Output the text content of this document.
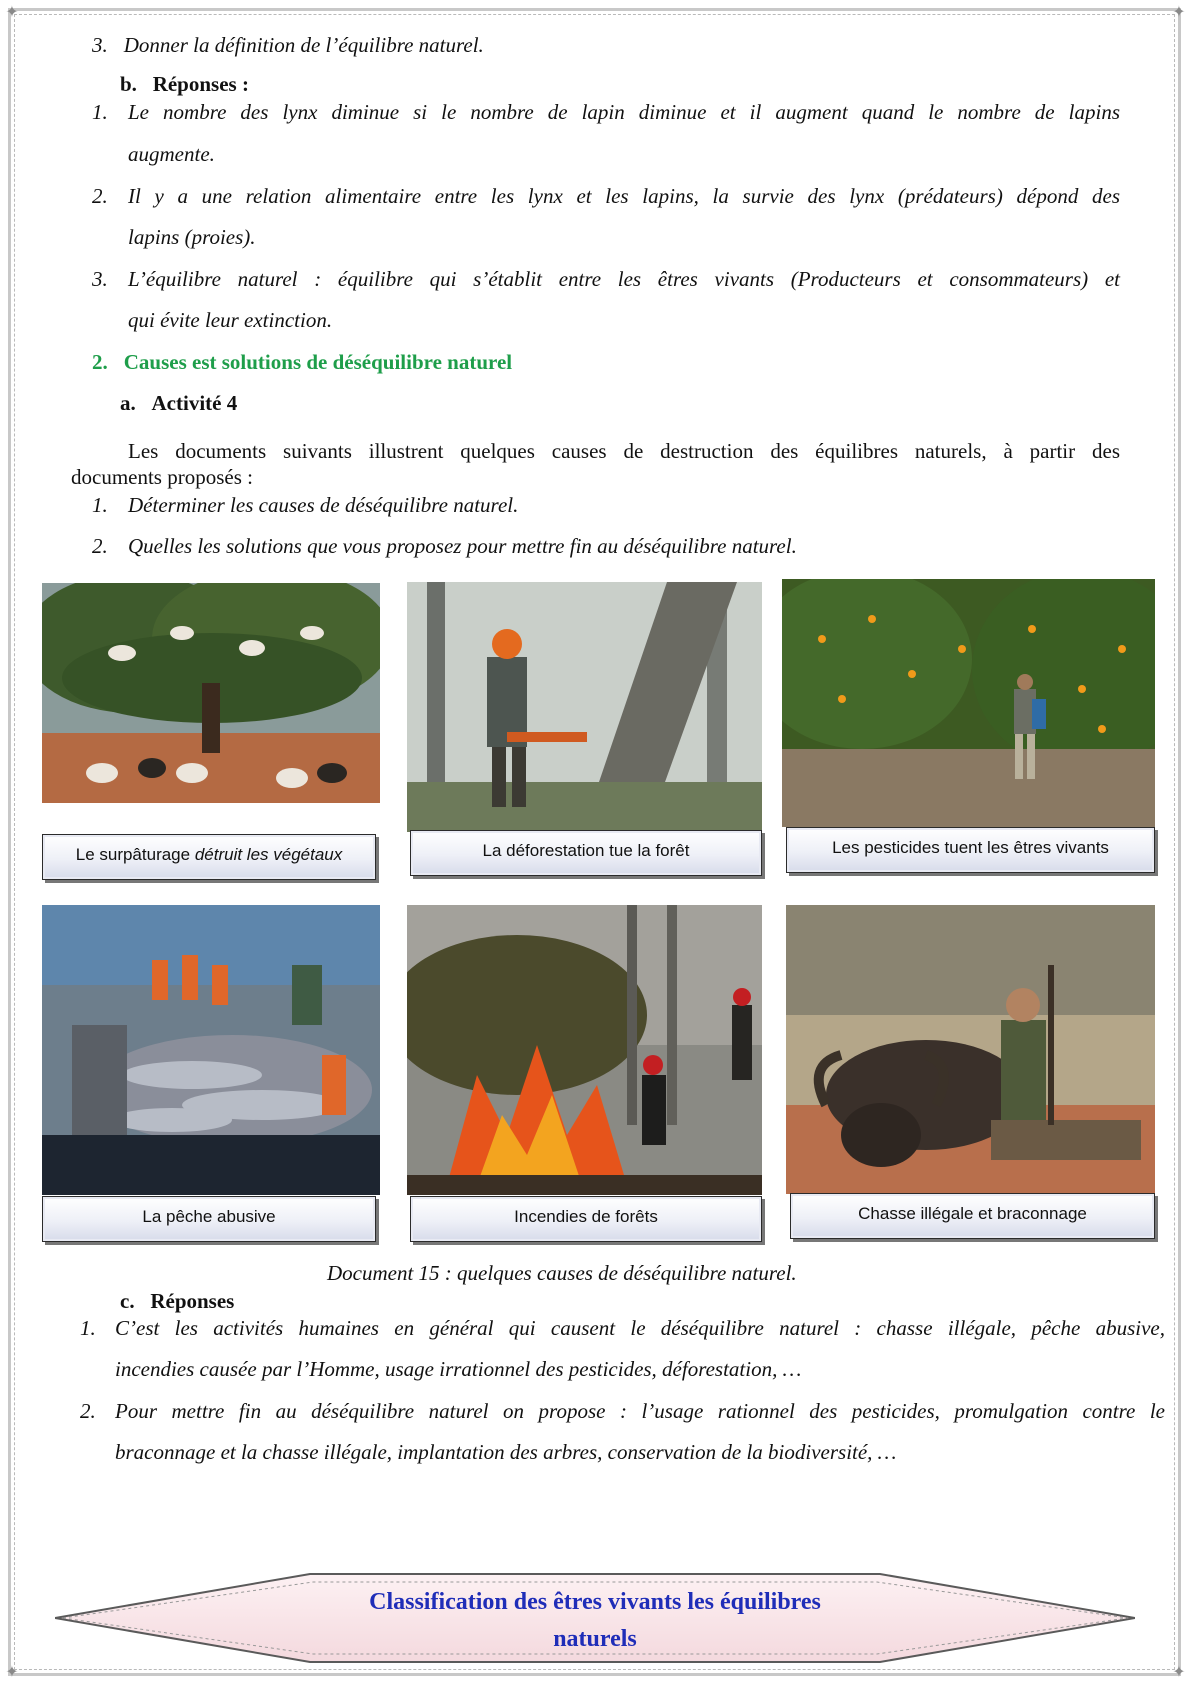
✦	✦
✦	✦
3. Donner la définition de l’équilibre naturel.
b. Réponses :
1. Le nombre des lynx diminue si le nombre de lapin diminue et il augment quand le nombre de lapins
augmente.
2. Il y a une relation alimentaire entre les lynx et les lapins, la survie des lynx (prédateurs) dépond des
lapins (proies).
3. L’équilibre naturel : équilibre qui s’établit entre les êtres vivants (Producteurs et consommateurs) et
qui évite leur extinction.
2. Causes est solutions de déséquilibre naturel
a. Activité 4
Les documents suivants illustrent quelques causes de destruction des équilibres naturels, à partir des
documents proposés :
1. Déterminer les causes de déséquilibre naturel.
2. Quelles les solutions que vous proposez pour mettre fin au déséquilibre naturel.
Le surpâturage détruit les végétaux	La déforestation tue la forêt	Les pesticides tuent les êtres vivants
La pêche abusive	Incendies de forêts	Chasse illégale et braconnage
Document 15 : quelques causes de déséquilibre naturel.
c. Réponses
1. C’est les activités humaines en général qui causent le déséquilibre naturel : chasse illégale, pêche abusive,
incendies causée par l’Homme, usage irrationnel des pesticides, déforestation, …
2. Pour mettre fin au déséquilibre naturel on propose : l’usage rationnel des pesticides, promulgation contre le
braconnage et la chasse illégale, implantation des arbres, conservation de la biodiversité, …
Classification des êtres vivants les équilibres
naturels
